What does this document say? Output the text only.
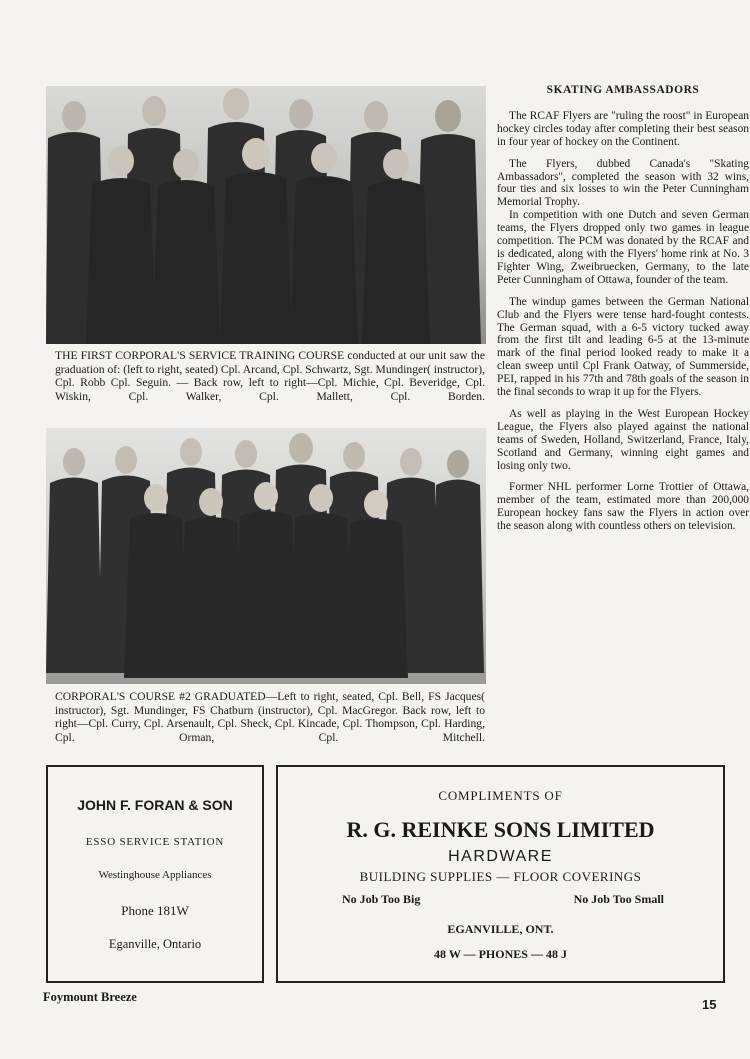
THE FIRST CORPORAL'S SERVICE TRAINING COURSE conducted at our unit saw the graduation of: (left to right, seated) Cpl. Arcand, Cpl. Schwartz, Sgt. Mundinger( instructor), Cpl. Robb Cpl. Seguin. — Back row, left to right—Cpl. Michie, Cpl. Beveridge, Cpl. Wiskin, Cpl. Walker, Cpl. Mallett, Cpl. Borden.
CORPORAL'S COURSE #2 GRADUATED—Left to right, seated, Cpl. Bell, FS Jacques( instructor), Sgt. Mundinger, FS Chatburn (instructor), Cpl. MacGregor. Back row, left to right—Cpl. Curry, Cpl. Arsenault, Cpl. Sheck, Cpl. Kincade, Cpl. Thompson, Cpl. Harding, Cpl. Orman, Cpl. Mitchell.
SKATING AMBASSADORS

The RCAF Flyers are "ruling the roost" in European hockey circles today after completing their best season in four year of hockey on the Continent.

The Flyers, dubbed Canada's "Skating Ambassadors", completed the season with 32 wins, four ties and six losses to win the Peter Cunningham Memorial Trophy.

In competition with one Dutch and seven German teams, the Flyers dropped only two games in league competition. The PCM was donated by the RCAF and is dedicated, along with the Flyers' home rink at No. 3 Fighter Wing, Zweibruecken, Germany, to the late Peter Cunningham of Ottawa, founder of the team.

The windup games between the German National Club and the Flyers were tense hard-fought contests. The German squad, with a 6-5 victory tucked away from the first tilt and leading 6-5 at the 13-minute mark of the final period looked ready to make it a clean sweep until Cpl Frank Oatway, of Summerside, PEI, rapped in his 77th and 78th goals of the season in the final seconds to wrap it up for the Flyers.

As well as playing in the West European Hockey League, the Flyers also played against the national teams of Sweden, Holland, Switzerland, France, Italy, Scotland and Germany, winning eight games and losing only two.

Former NHL performer Lorne Trottier of Ottawa, member of the team, estimated more than 200,000 European hockey fans saw the Flyers in action over the season along with countless others on television.

JOHN F. FORAN & SON
ESSO SERVICE STATION
Westinghouse Appliances
Phone 181W
Eganville, Ontario
COMPLIMENTS OF
R. G. REINKE SONS LIMITED
HARDWARE
BUILDING SUPPLIES — FLOOR COVERINGS
No Job Too Big	No Job Too Small
EGANVILLE, ONT.
48 W — PHONES — 48 J
Foymount Breeze	15
